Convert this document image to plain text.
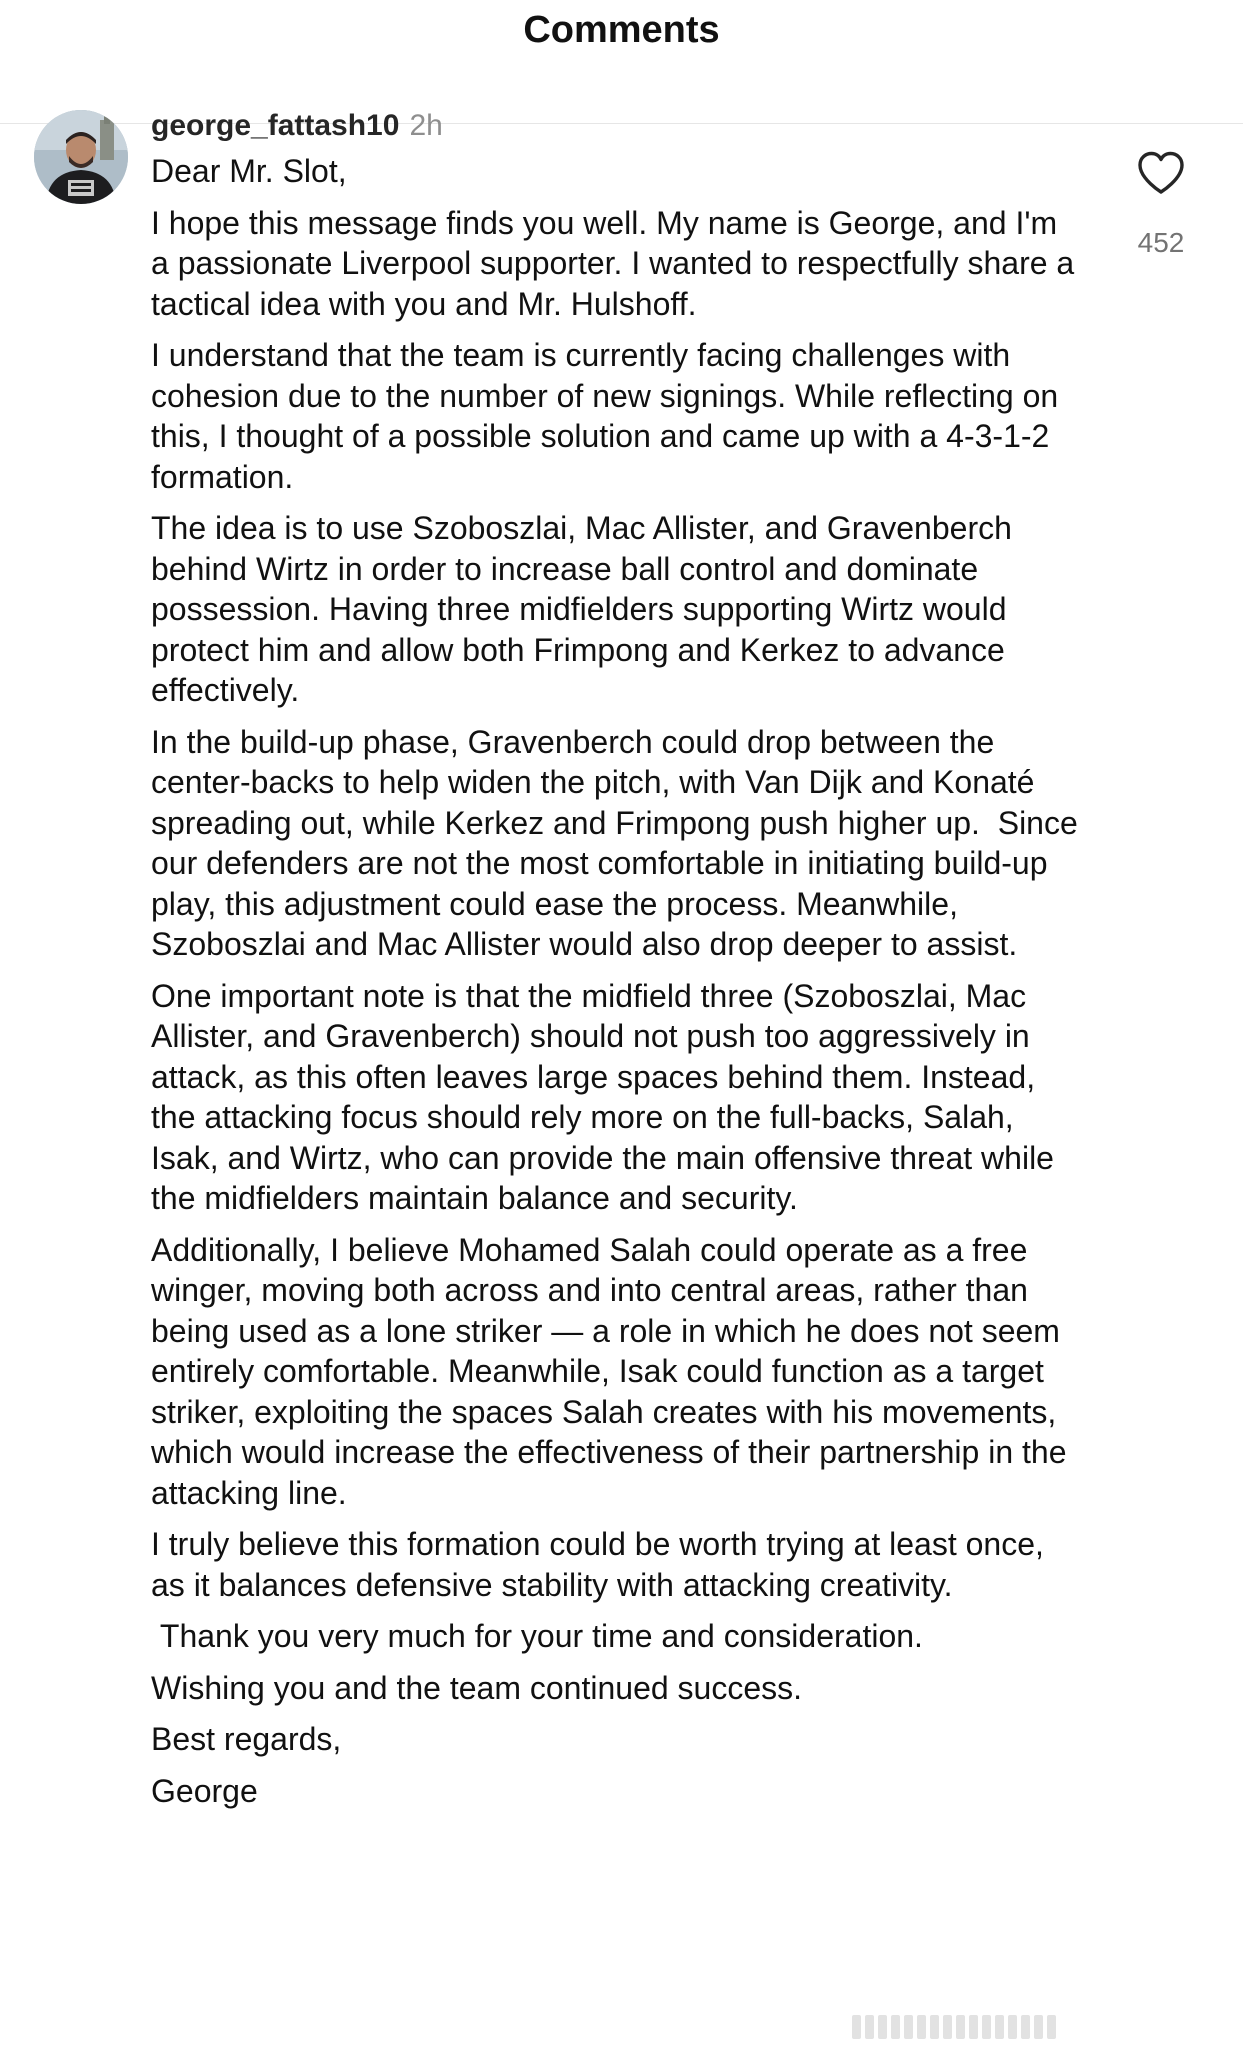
Comments
george_fattash10 2h

Dear Mr. Slot,

I hope this message finds you well. My name is George, and I'm a passionate Liverpool supporter. I wanted to respectfully share a tactical idea with you and Mr. Hulshoff.

I understand that the team is currently facing challenges with cohesion due to the number of new signings. While reflecting on this, I thought of a possible solution and came up with a 4-3-1-2 formation.

The idea is to use Szoboszlai, Mac Allister, and Gravenberch behind Wirtz in order to increase ball control and dominate possession. Having three midfielders supporting Wirtz would protect him and allow both Frimpong and Kerkez to advance effectively.

In the build-up phase, Gravenberch could drop between the center-backs to help widen the pitch, with Van Dijk and Konaté spreading out, while Kerkez and Frimpong push higher up.  Since our defenders are not the most comfortable in initiating build-up play, this adjustment could ease the process. Meanwhile, Szoboszlai and Mac Allister would also drop deeper to assist.

One important note is that the midfield three (Szoboszlai, Mac Allister, and Gravenberch) should not push too aggressively in attack, as this often leaves large spaces behind them. Instead, the attacking focus should rely more on the full-backs, Salah, Isak, and Wirtz, who can provide the main offensive threat while the midfielders maintain balance and security.

Additionally, I believe Mohamed Salah could operate as a free winger, moving both across and into central areas, rather than being used as a lone striker — a role in which he does not seem entirely comfortable. Meanwhile, Isak could function as a target striker, exploiting the spaces Salah creates with his movements, which would increase the effectiveness of their partnership in the attacking line.

I truly believe this formation could be worth trying at least once, as it balances defensive stability with attacking creativity.

Thank you very much for your time and consideration.

Wishing you and the team continued success.

Best regards,

George

452
